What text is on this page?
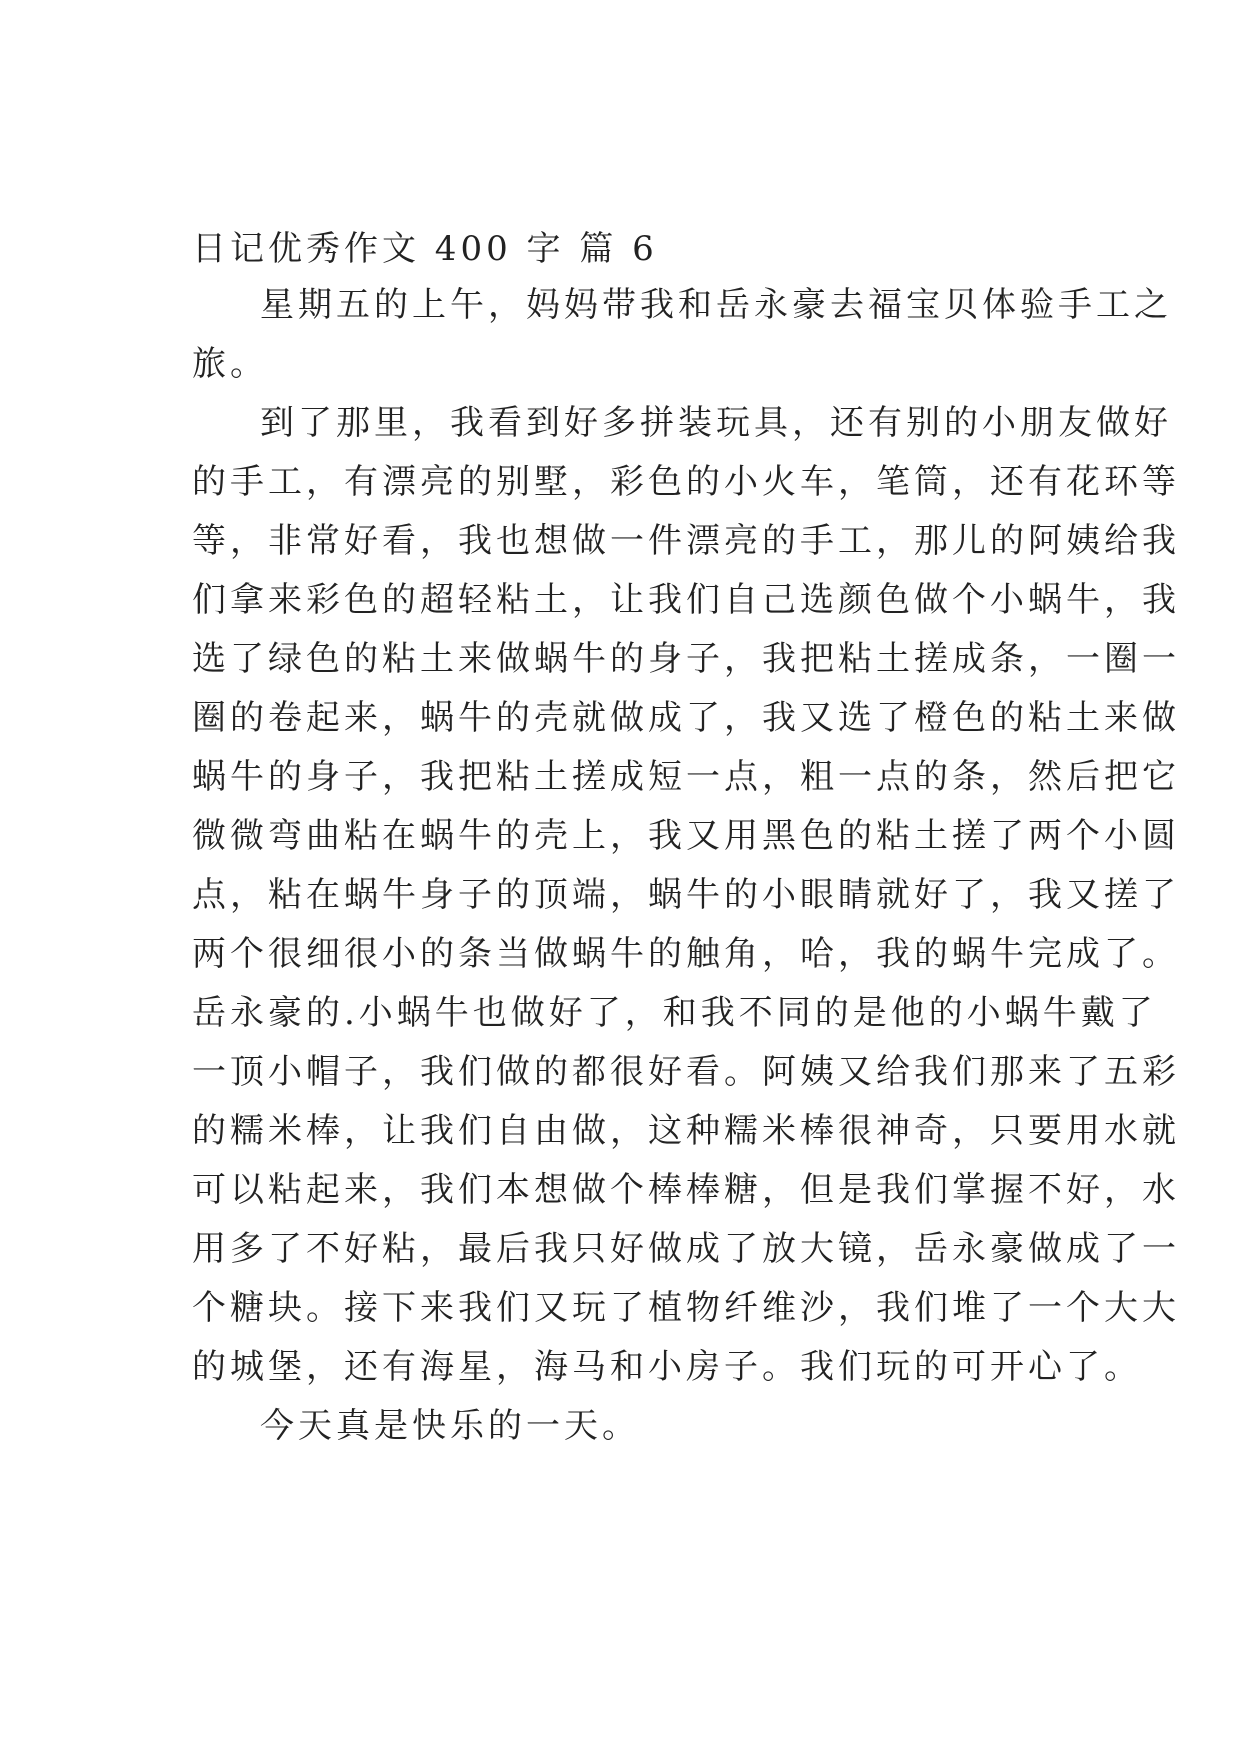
日记优秀作文 400 字 篇 6
星期五的上午，妈妈带我和岳永豪去福宝贝体验手工之
旅。
到了那里，我看到好多拼装玩具，还有别的小朋友做好
的手工，有漂亮的别墅，彩色的小火车，笔筒，还有花环等
等，非常好看，我也想做一件漂亮的手工，那儿的阿姨给我
们拿来彩色的超轻粘土，让我们自己选颜色做个小蜗牛，我
选了绿色的粘土来做蜗牛的身子，我把粘土搓成条，一圈一
圈的卷起来，蜗牛的壳就做成了，我又选了橙色的粘土来做
蜗牛的身子，我把粘土搓成短一点，粗一点的条，然后把它
微微弯曲粘在蜗牛的壳上，我又用黑色的粘土搓了两个小圆
点，粘在蜗牛身子的顶端，蜗牛的小眼睛就好了，我又搓了
两个很细很小的条当做蜗牛的触角，哈，我的蜗牛完成了。
岳永豪的.小蜗牛也做好了，和我不同的是他的小蜗牛戴了
一顶小帽子，我们做的都很好看。阿姨又给我们那来了五彩
的糯米棒，让我们自由做，这种糯米棒很神奇，只要用水就
可以粘起来，我们本想做个棒棒糖，但是我们掌握不好，水
用多了不好粘，最后我只好做成了放大镜，岳永豪做成了一
个糖块。接下来我们又玩了植物纤维沙，我们堆了一个大大
的城堡，还有海星，海马和小房子。我们玩的可开心了。
今天真是快乐的一天。
